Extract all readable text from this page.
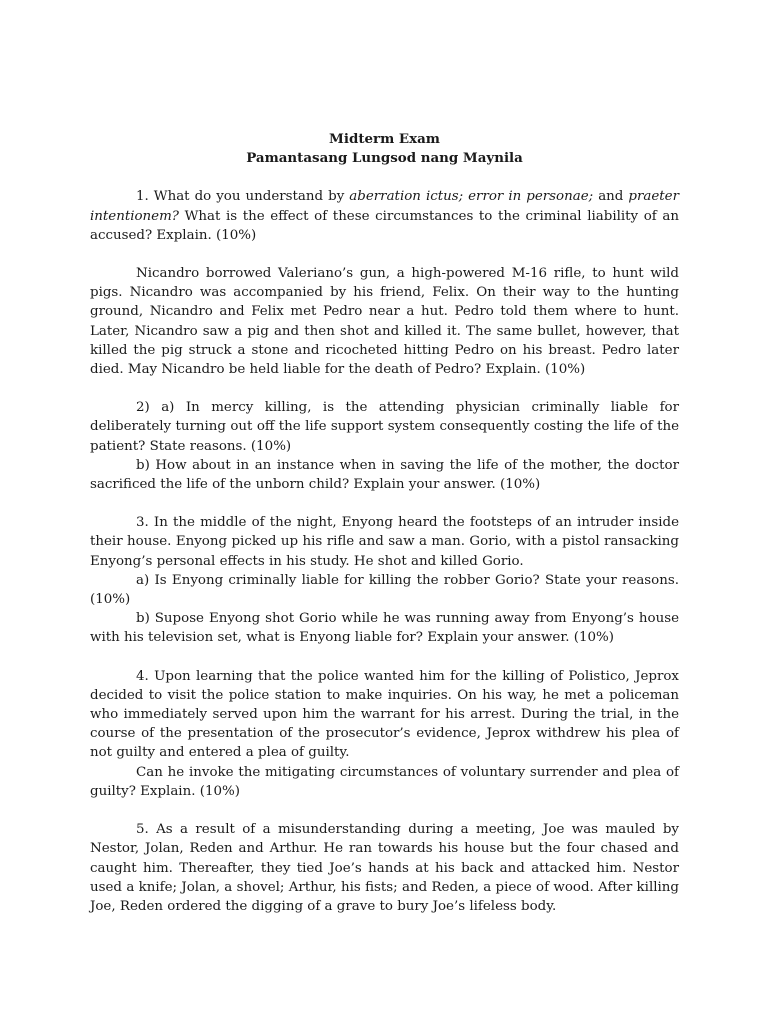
Midterm Exam
Pamantasang Lungsod nang Maynila

1. What do you understand by aberration ictus; error in personae; and praeter intentionem? What is the effect of these circumstances to the criminal liability of an accused? Explain. (10%)

Nicandro borrowed Valeriano’s gun, a high-powered M-16 rifle, to hunt wild pigs. Nicandro was accompanied by his friend, Felix. On their way to the hunting ground, Nicandro and Felix met Pedro near a hut. Pedro told them where to hunt. Later, Nicandro saw a pig and then shot and killed it. The same bullet, however, that killed the pig struck a stone and ricocheted hitting Pedro on his breast. Pedro later died. May Nicandro be held liable for the death of Pedro? Explain. (10%)

2) a) In mercy killing, is the attending physician criminally liable for deliberately turning out off the life support system consequently costing the life of the patient? State reasons. (10%)

b) How about in an instance when in saving the life of the mother, the doctor sacrificed the life of the unborn child? Explain your answer. (10%)

3. In the middle of the night, Enyong heard the footsteps of an intruder inside their house. Enyong picked up his rifle and saw a man. Gorio, with a pistol ransacking Enyong’s personal effects in his study. He shot and killed Gorio.

a) Is Enyong criminally liable for killing the robber Gorio? State your reasons. (10%)

b) Supose Enyong shot Gorio while he was running away from Enyong’s house with his television set, what is Enyong liable for? Explain your answer. (10%)

4. Upon learning that the police wanted him for the killing of Polistico, Jeprox decided to visit the police station to make inquiries. On his way, he met a policeman who immediately served upon him the warrant for his arrest. During the trial, in the course of the presentation of the prosecutor’s evidence, Jeprox withdrew his plea of not guilty and entered a plea of guilty.

Can he invoke the mitigating circumstances of voluntary surrender and plea of guilty? Explain. (10%)

5. As a result of a misunderstanding during a meeting, Joe was mauled by Nestor, Jolan, Reden and Arthur. He ran towards his house but the four chased and caught him. Thereafter, they tied Joe’s hands at his back and attacked him. Nestor used a knife; Jolan, a shovel; Arthur, his fists; and Reden, a piece of wood. After killing Joe, Reden ordered the digging of a grave to bury Joe’s lifeless body.
